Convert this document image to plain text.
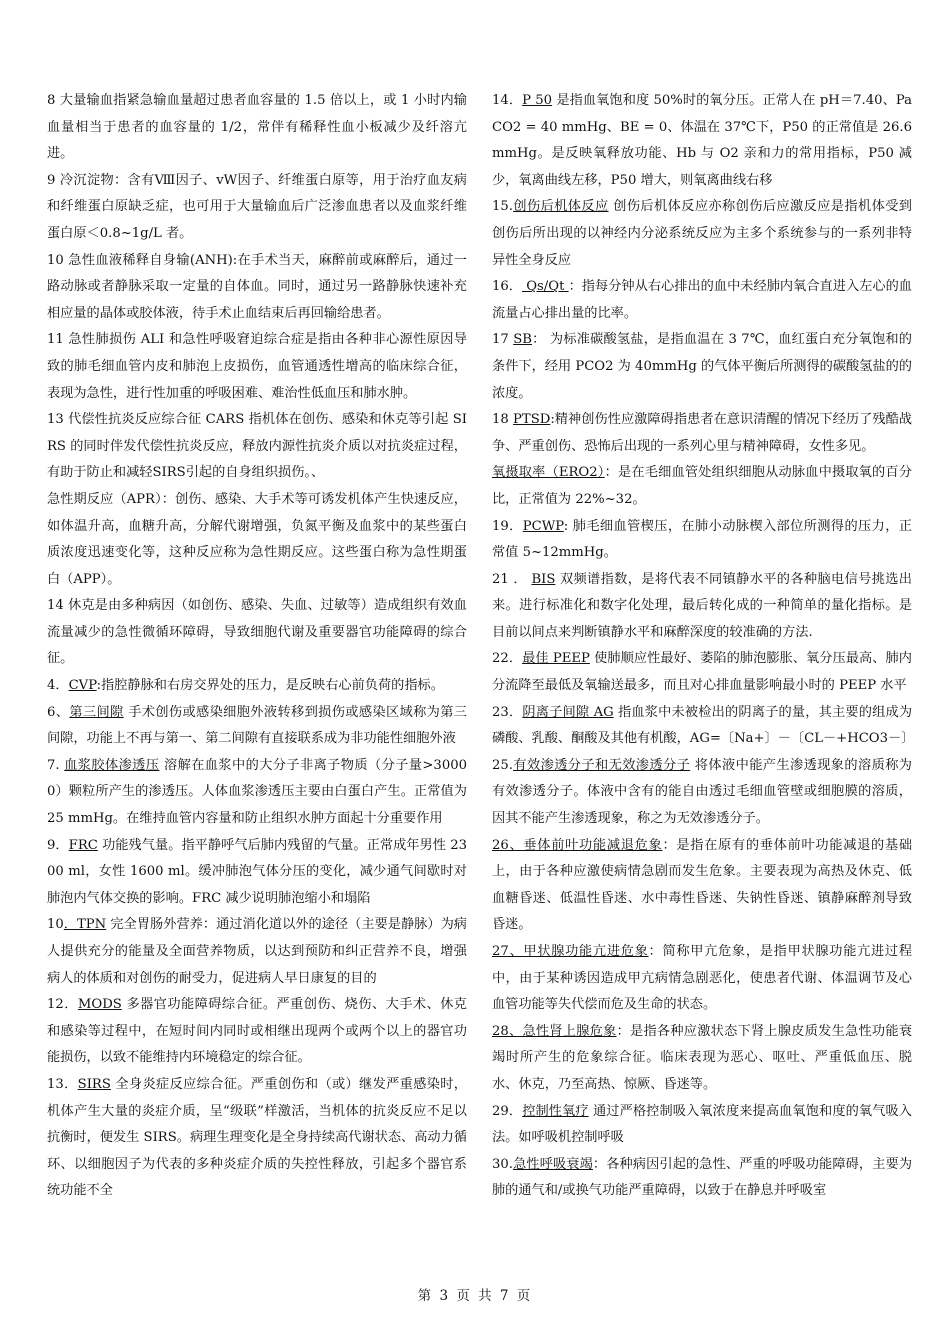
8 大量输血指紧急输血量超过患者血容量的 1.5 倍以上，或 1 小时内输血量相当于患者的血容量的 1/2，常伴有稀释性血小板减少及纤溶亢进。

9 冷沉淀物：含有Ⅷ因子、vW因子、纤维蛋白原等，用于治疗血友病和纤维蛋白原缺乏症，也可用于大量输血后广泛渗血患者以及血浆纤维蛋白原＜0.8~1g/L 者。

10 急性血液稀释自身输(ANH):在手术当天，麻醉前或麻醉后，通过一路动脉或者静脉采取一定量的自体血。同时，通过另一路静脉快速补充相应量的晶体或胶体液，待手术止血结束后再回输给患者。

11 急性肺损伤 ALI 和急性呼吸窘迫综合症是指由各种非心源性原因导致的肺毛细血管内皮和肺泡上皮损伤，血管通透性增高的临床综合征，表现为急性，进行性加重的呼吸困难、难治性低血压和肺水肿。

13 代偿性抗炎反应综合征 CARS 指机体在创伤、感染和休克等引起 SIRS 的同时伴发代偿性抗炎反应，释放内源性抗炎介质以对抗炎症过程，有助于防止和减轻SIRS引起的自身组织损伤。、

急性期反应（APR）：创伤、感染、大手术等可诱发机体产生快速反应，如体温升高，血糖升高，分解代谢增强，负氮平衡及血浆中的某些蛋白质浓度迅速变化等，这种反应称为急性期反应。这些蛋白称为急性期蛋白（APP）。

14 休克是由多种病因（如创伤、感染、失血、过敏等）造成组织有效血流量减少的急性微循环障碍，导致细胞代谢及重要器官功能障碍的综合征。

4．CVP:指腔静脉和右房交界处的压力，是反映右心前负荷的指标。

6、第三间隙 手术创伤或感染细胞外液转移到损伤或感染区域称为第三间隙，功能上不再与第一、第二间隙有直接联系成为非功能性细胞外液

7. 血浆胶体渗透压 溶解在血浆中的大分子非离子物质（分子量>30000）颗粒所产生的渗透压。人体血浆渗透压主要由白蛋白产生。正常值为 25 mmHg。在维持血管内容量和防止组织水肿方面起十分重要作用

9．FRC 功能残气量。指平静呼气后肺内残留的气量。正常成年男性 2300 ml，女性 1600 ml。缓冲肺泡气体分压的变化，减少通气间歇时对肺泡内气体交换的影响。FRC 减少说明肺泡缩小和塌陷

10．TPN 完全胃肠外营养：通过消化道以外的途径（主要是静脉）为病人提供充分的能量及全面营养物质，以达到预防和纠正营养不良，增强病人的体质和对创伤的耐受力，促进病人早日康复的目的

12．MODS 多器官功能障碍综合征。严重创伤、烧伤、大手术、休克和感染等过程中，在短时间内同时或相继出现两个或两个以上的器官功能损伤，以致不能维持内环境稳定的综合征。

13．SIRS 全身炎症反应综合征。严重创伤和（或）继发严重感染时，机体产生大量的炎症介质，呈“级联”样激活，当机体的抗炎反应不足以抗衡时，便发生 SIRS。病理生理变化是全身持续高代谢状态、高动力循环、以细胞因子为代表的多种炎症介质的失控性释放，引起多个器官系统功能不全

14．P 50 是指血氧饱和度 50%时的氧分压。正常人在 pH＝7.40、PaCO2 = 40 mmHg、BE = 0、体温在 37℃下，P50 的正常值是 26.6 mmHg。是反映氧释放功能、Hb 与 O2 亲和力的常用指标，P50 减少，氧离曲线左移，P50 增大，则氧离曲线右移

15.创伤后机体反应 创伤后机体反应亦称创伤后应激反应是指机体受到创伤后所出现的以神经内分泌系统反应为主多个系统参与的一系列非特异性全身反应

16． Qs/Qt ：指每分钟从右心排出的血中未经肺内氧合直进入左心的血流量占心排出量的比率。

17 SB： 为标准碳酸氢盐，是指血温在 3 7℃，血红蛋白充分氧饱和的条件下，经用 PCO2 为 40mmHg 的气体平衡后所测得的碳酸氢盐的的浓度。

18 PTSD:精神创伤性应激障碍指患者在意识清醒的情况下经历了残酷战争、严重创伤、恐怖后出现的一系列心里与精神障碍，女性多见。

氧摄取率（ERO2）：是在毛细血管处组织细胞从动脉血中摄取氧的百分比，正常值为 22%~32。

19．PCWP: 肺毛细血管楔压，在肺小动脉楔入部位所测得的压力，正常值 5~12mmHg。

21 ． BIS 双频谱指数，是将代表不同镇静水平的各种脑电信号挑选出来。进行标准化和数字化处理，最后转化成的一种简单的量化指标。是目前以间点来判断镇静水平和麻醉深度的较准确的方法.

22．最佳 PEEP 使肺顺应性最好、萎陷的肺泡膨胀、氧分压最高、肺内分流降至最低及氧输送最多，而且对心排血量影响最小时的 PEEP 水平

23．阴离子间隙 AG 指血浆中未被检出的阴离子的量，其主要的组成为磷酸、乳酸、酮酸及其他有机酸，AG=〔Na+〕－〔CL－+HCO3－〕

25.有效渗透分子和无效渗透分子 将体液中能产生渗透现象的溶质称为有效渗透分子。体液中含有的能自由透过毛细血管壁或细胞膜的溶质，因其不能产生渗透现象，称之为无效渗透分子。

26、垂体前叶功能减退危象：是指在原有的垂体前叶功能减退的基础上，由于各种应激使病情急剧而发生危象。主要表现为高热及休克、低血糖昏迷、低温性昏迷、水中毒性昏迷、失钠性昏迷、镇静麻醉剂导致昏迷。

27、甲状腺功能亢进危象：简称甲亢危象，是指甲状腺功能亢进过程中，由于某种诱因造成甲亢病情急剧恶化，使患者代谢、体温调节及心血管功能等失代偿而危及生命的状态。

28、急性肾上腺危象：是指各种应激状态下肾上腺皮质发生急性功能衰竭时所产生的危象综合征。临床表现为恶心、呕吐、严重低血压、脱水、休克，乃至高热、惊厥、昏迷等。

29．控制性氧疗 通过严格控制吸入氧浓度来提高血氧饱和度的氧气吸入法。如呼吸机控制呼吸

30.急性呼吸衰竭：各种病因引起的急性、严重的呼吸功能障碍，主要为肺的通气和/或换气功能严重障碍，以致于在静息并呼吸室

第 3 页 共 7 页
